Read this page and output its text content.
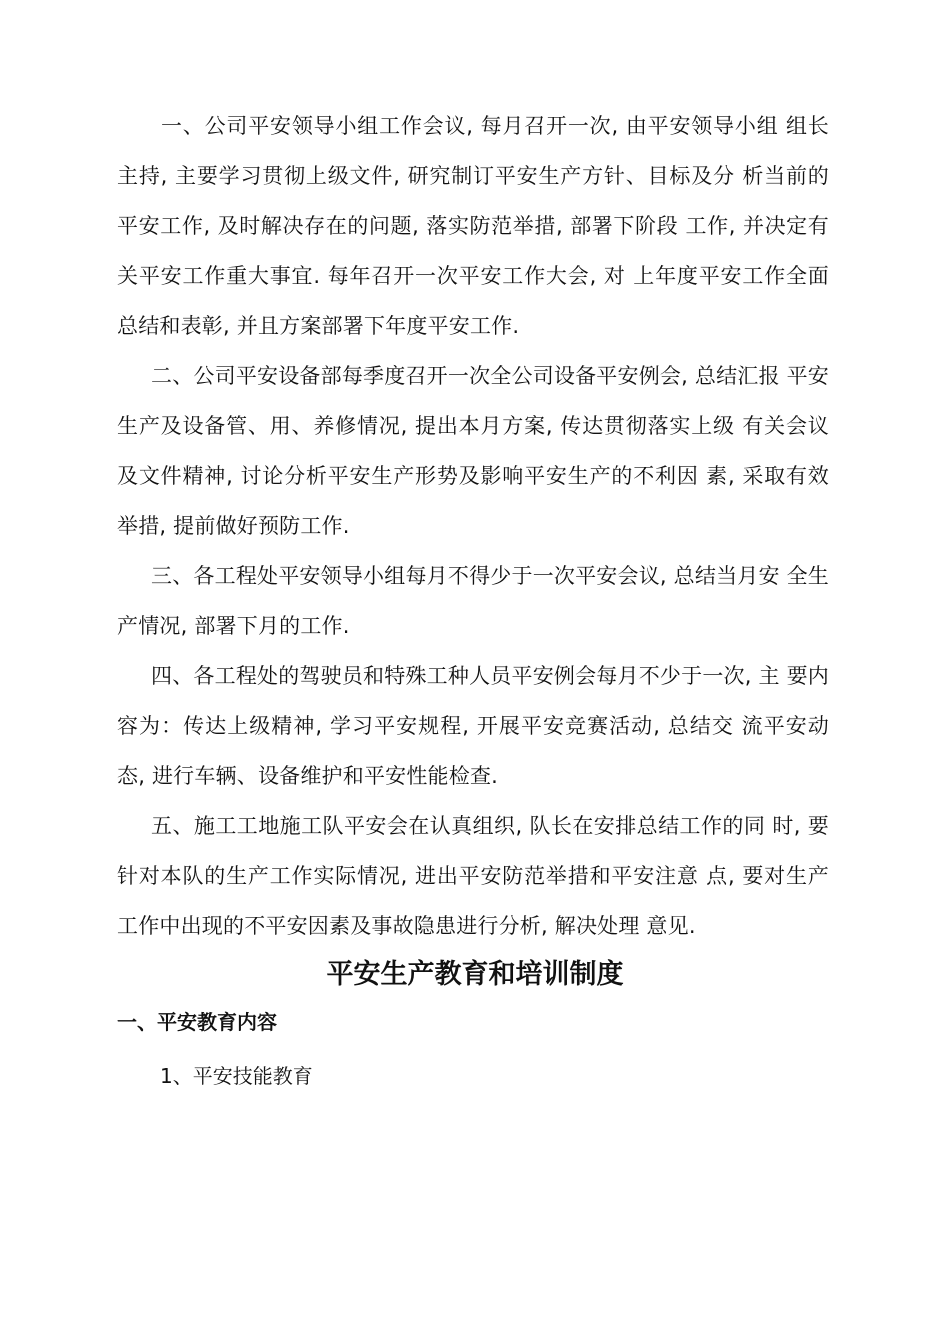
一、公司平安领导小组工作会议, 每月召开一次, 由平安领导小组 组长主持, 主要学习贯彻上级文件, 研究制订平安生产方针、目标及分 析当前的平安工作, 及时解决存在的问题, 落实防范举措, 部署下阶段 工作, 并决定有关平安工作重大事宜. 每年召开一次平安工作大会, 对 上年度平安工作全面总结和表彰, 并且方案部署下年度平安工作.

二、公司平安设备部每季度召开一次全公司设备平安例会, 总结汇报 平安生产及设备管、用、养修情况, 提出本月方案, 传达贯彻落实上级 有关会议及文件精神, 讨论分析平安生产形势及影响平安生产的不利因 素, 采取有效举措, 提前做好预防工作.

三、各工程处平安领导小组每月不得少于一次平安会议, 总结当月安 全生产情况, 部署下月的工作.

四、各工程处的驾驶员和特殊工种人员平安例会每月不少于一次, 主 要内容为：传达上级精神, 学习平安规程, 开展平安竞赛活动, 总结交 流平安动态, 进行车辆、设备维护和平安性能检查.

五、施工工地施工队平安会在认真组织, 队长在安排总结工作的同 时, 要针对本队的生产工作实际情况, 进出平安防范举措和平安注意 点, 要对生产工作中出现的不平安因素及事故隐患进行分析, 解决处理 意见.

平安生产教育和培训制度
一、平安教育内容

1、平安技能教育
